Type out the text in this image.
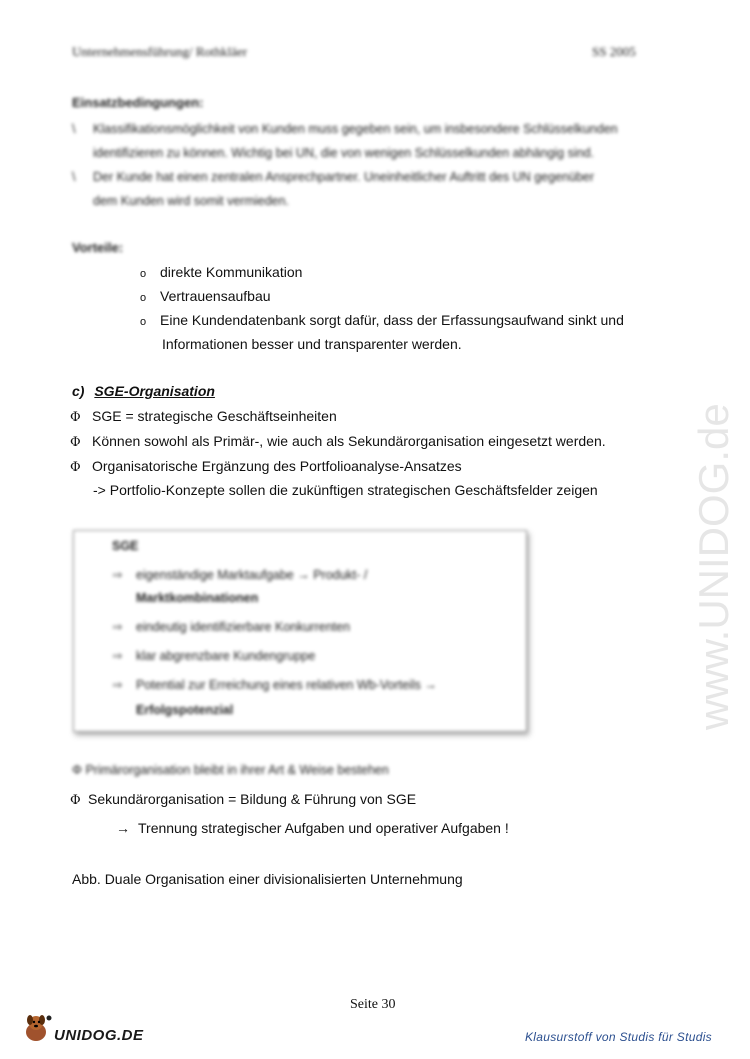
Unternehmensführung/ Rothkläer	SS 2005
Einsatzbedingungen:
\ Klassifikationsmöglichkeit von Kunden muss gegeben sein, um insbesondere Schlüsselkunden
identifizieren zu können. Wichtig bei UN, die von wenigen Schlüsselkunden abhängig sind.
\ Der Kunde hat einen zentralen Ansprechpartner. Uneinheitlicher Auftritt des UN gegenüber
dem Kunden wird somit vermieden.
Vorteile:
o direkte Kommunikation
o Vertrauensaufbau
o Eine Kundendatenbank sorgt dafür, dass der Erfassungsaufwand sinkt und
Informationen besser und transparenter werden.
c) SGE-Organisation
Φ SGE = strategische Geschäftseinheiten
Φ Können sowohl als Primär-, wie auch als Sekundärorganisation eingesetzt werden.
Φ Organisatorische Ergänzung des Portfolioanalyse-Ansatzes
-> Portfolio-Konzepte sollen die zukünftigen strategischen Geschäftsfelder zeigen
SGE
⇒ eigenständige Marktaufgabe → Produkt- /
Marktkombinationen
⇒ eindeutig identifizierbare Konkurrenten
⇒ klar abgrenzbare Kundengruppe
⇒ Potential zur Erreichung eines relativen Wb-Vorteils →
Erfolgspotenzial
Φ Primärorganisation bleibt in ihrer Art & Weise bestehen
Φ Sekundärorganisation = Bildung & Führung von SGE
→ Trennung strategischer Aufgaben und operativer Aufgaben !
Abb. Duale Organisation einer divisionalisierten Unternehmung
www.UNIDOG.de
Seite 30
UNIDOG.DE	Klausurstoff von Studis für Studis
